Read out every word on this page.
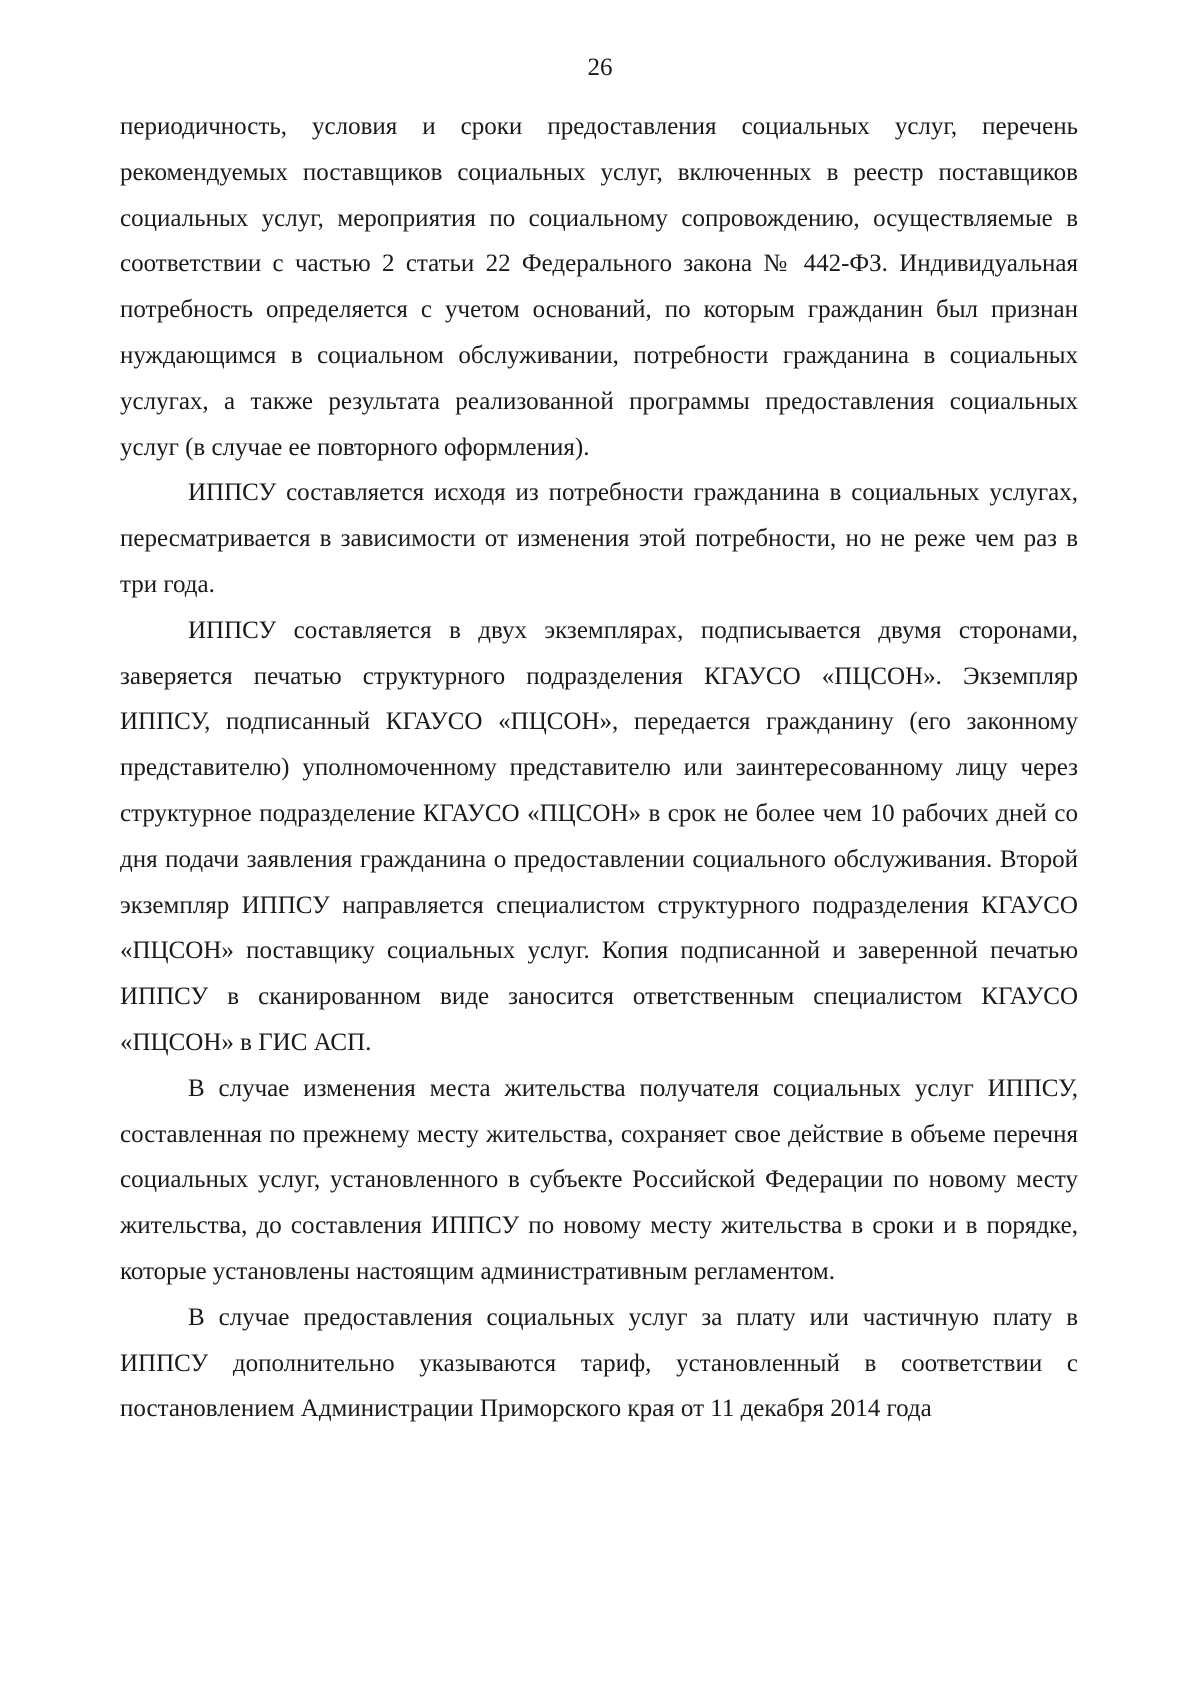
26

периодичность, условия и сроки предоставления социальных услуг, перечень рекомендуемых поставщиков социальных услуг, включенных в реестр поставщиков социальных услуг, мероприятия по социальному сопровождению, осуществляемые в соответствии с частью 2 статьи 22 Федерального закона № 442-ФЗ. Индивидуальная потребность определяется с учетом оснований, по которым гражданин был признан нуждающимся в социальном обслуживании, потребности гражданина в социальных услугах, а также результата реализованной программы предоставления социальных услуг (в случае ее повторного оформления).

ИППСУ составляется исходя из потребности гражданина в социальных услугах, пересматривается в зависимости от изменения этой потребности, но не реже чем раз в три года.

ИППСУ составляется в двух экземплярах, подписывается двумя сторонами, заверяется печатью структурного подразделения КГАУСО «ПЦСОН». Экземпляр ИППСУ, подписанный КГАУСО «ПЦСОН», передается гражданину (его законному представителю) уполномоченному представителю или заинтересованному лицу через структурное подразделение КГАУСО «ПЦСОН» в срок не более чем 10 рабочих дней со дня подачи заявления гражданина о предоставлении социального обслуживания. Второй экземпляр ИППСУ направляется специалистом структурного подразделения КГАУСО «ПЦСОН» поставщику социальных услуг. Копия подписанной и заверенной печатью ИППСУ в сканированном виде заносится ответственным специалистом КГАУСО «ПЦСОН» в ГИС АСП.

В случае изменения места жительства получателя социальных услуг ИППСУ, составленная по прежнему месту жительства, сохраняет свое действие в объеме перечня социальных услуг, установленного в субъекте Российской Федерации по новому месту жительства, до составления ИППСУ по новому месту жительства в сроки и в порядке, которые установлены настоящим административным регламентом.

В случае предоставления социальных услуг за плату или частичную плату в ИППСУ дополнительно указываются тариф, установленный в соответствии с постановлением Администрации Приморского края от 11 декабря 2014 года
